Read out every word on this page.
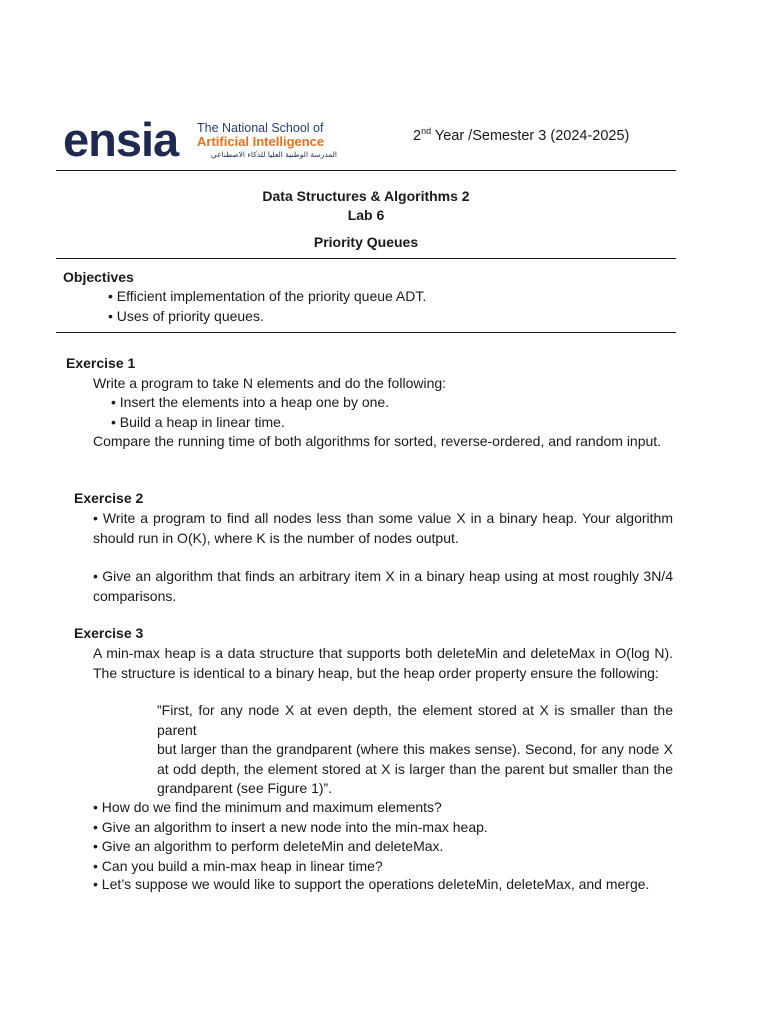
ensia The National School of
Artificial Intelligence
المدرسة الوطنية العليا للذكاء الاصطناعي
2nd Year /Semester 3 (2024-2025)
Data Structures & Algorithms 2
Lab 6
Priority Queues
Objectives
• Efficient implementation of the priority queue ADT.
• Uses of priority queues.
Exercise 1
Write a program to take N elements and do the following:
• Insert the elements into a heap one by one.
• Build a heap in linear time.
Compare the running time of both algorithms for sorted, reverse-ordered, and random input.
Exercise 2
• Write a program to find all nodes less than some value X in a binary heap. Your algorithm should run in O(K), where K is the number of nodes output.
• Give an algorithm that finds an arbitrary item X in a binary heap using at most roughly 3N/4 comparisons.
Exercise 3
A min-max heap is a data structure that supports both deleteMin and deleteMax in O(log N). The structure is identical to a binary heap, but the heap order property ensure the following:
”First, for any node X at even depth, the element stored at X is smaller than the parent
but larger than the grandparent (where this makes sense). Second, for any node X at odd depth, the element stored at X is larger than the parent but smaller than the grandparent (see Figure 1)”.
• How do we find the minimum and maximum elements?
• Give an algorithm to insert a new node into the min-max heap.
• Give an algorithm to perform deleteMin and deleteMax.
• Can you build a min-max heap in linear time?
• Let’s suppose we would like to support the operations deleteMin, deleteMax, and merge.
